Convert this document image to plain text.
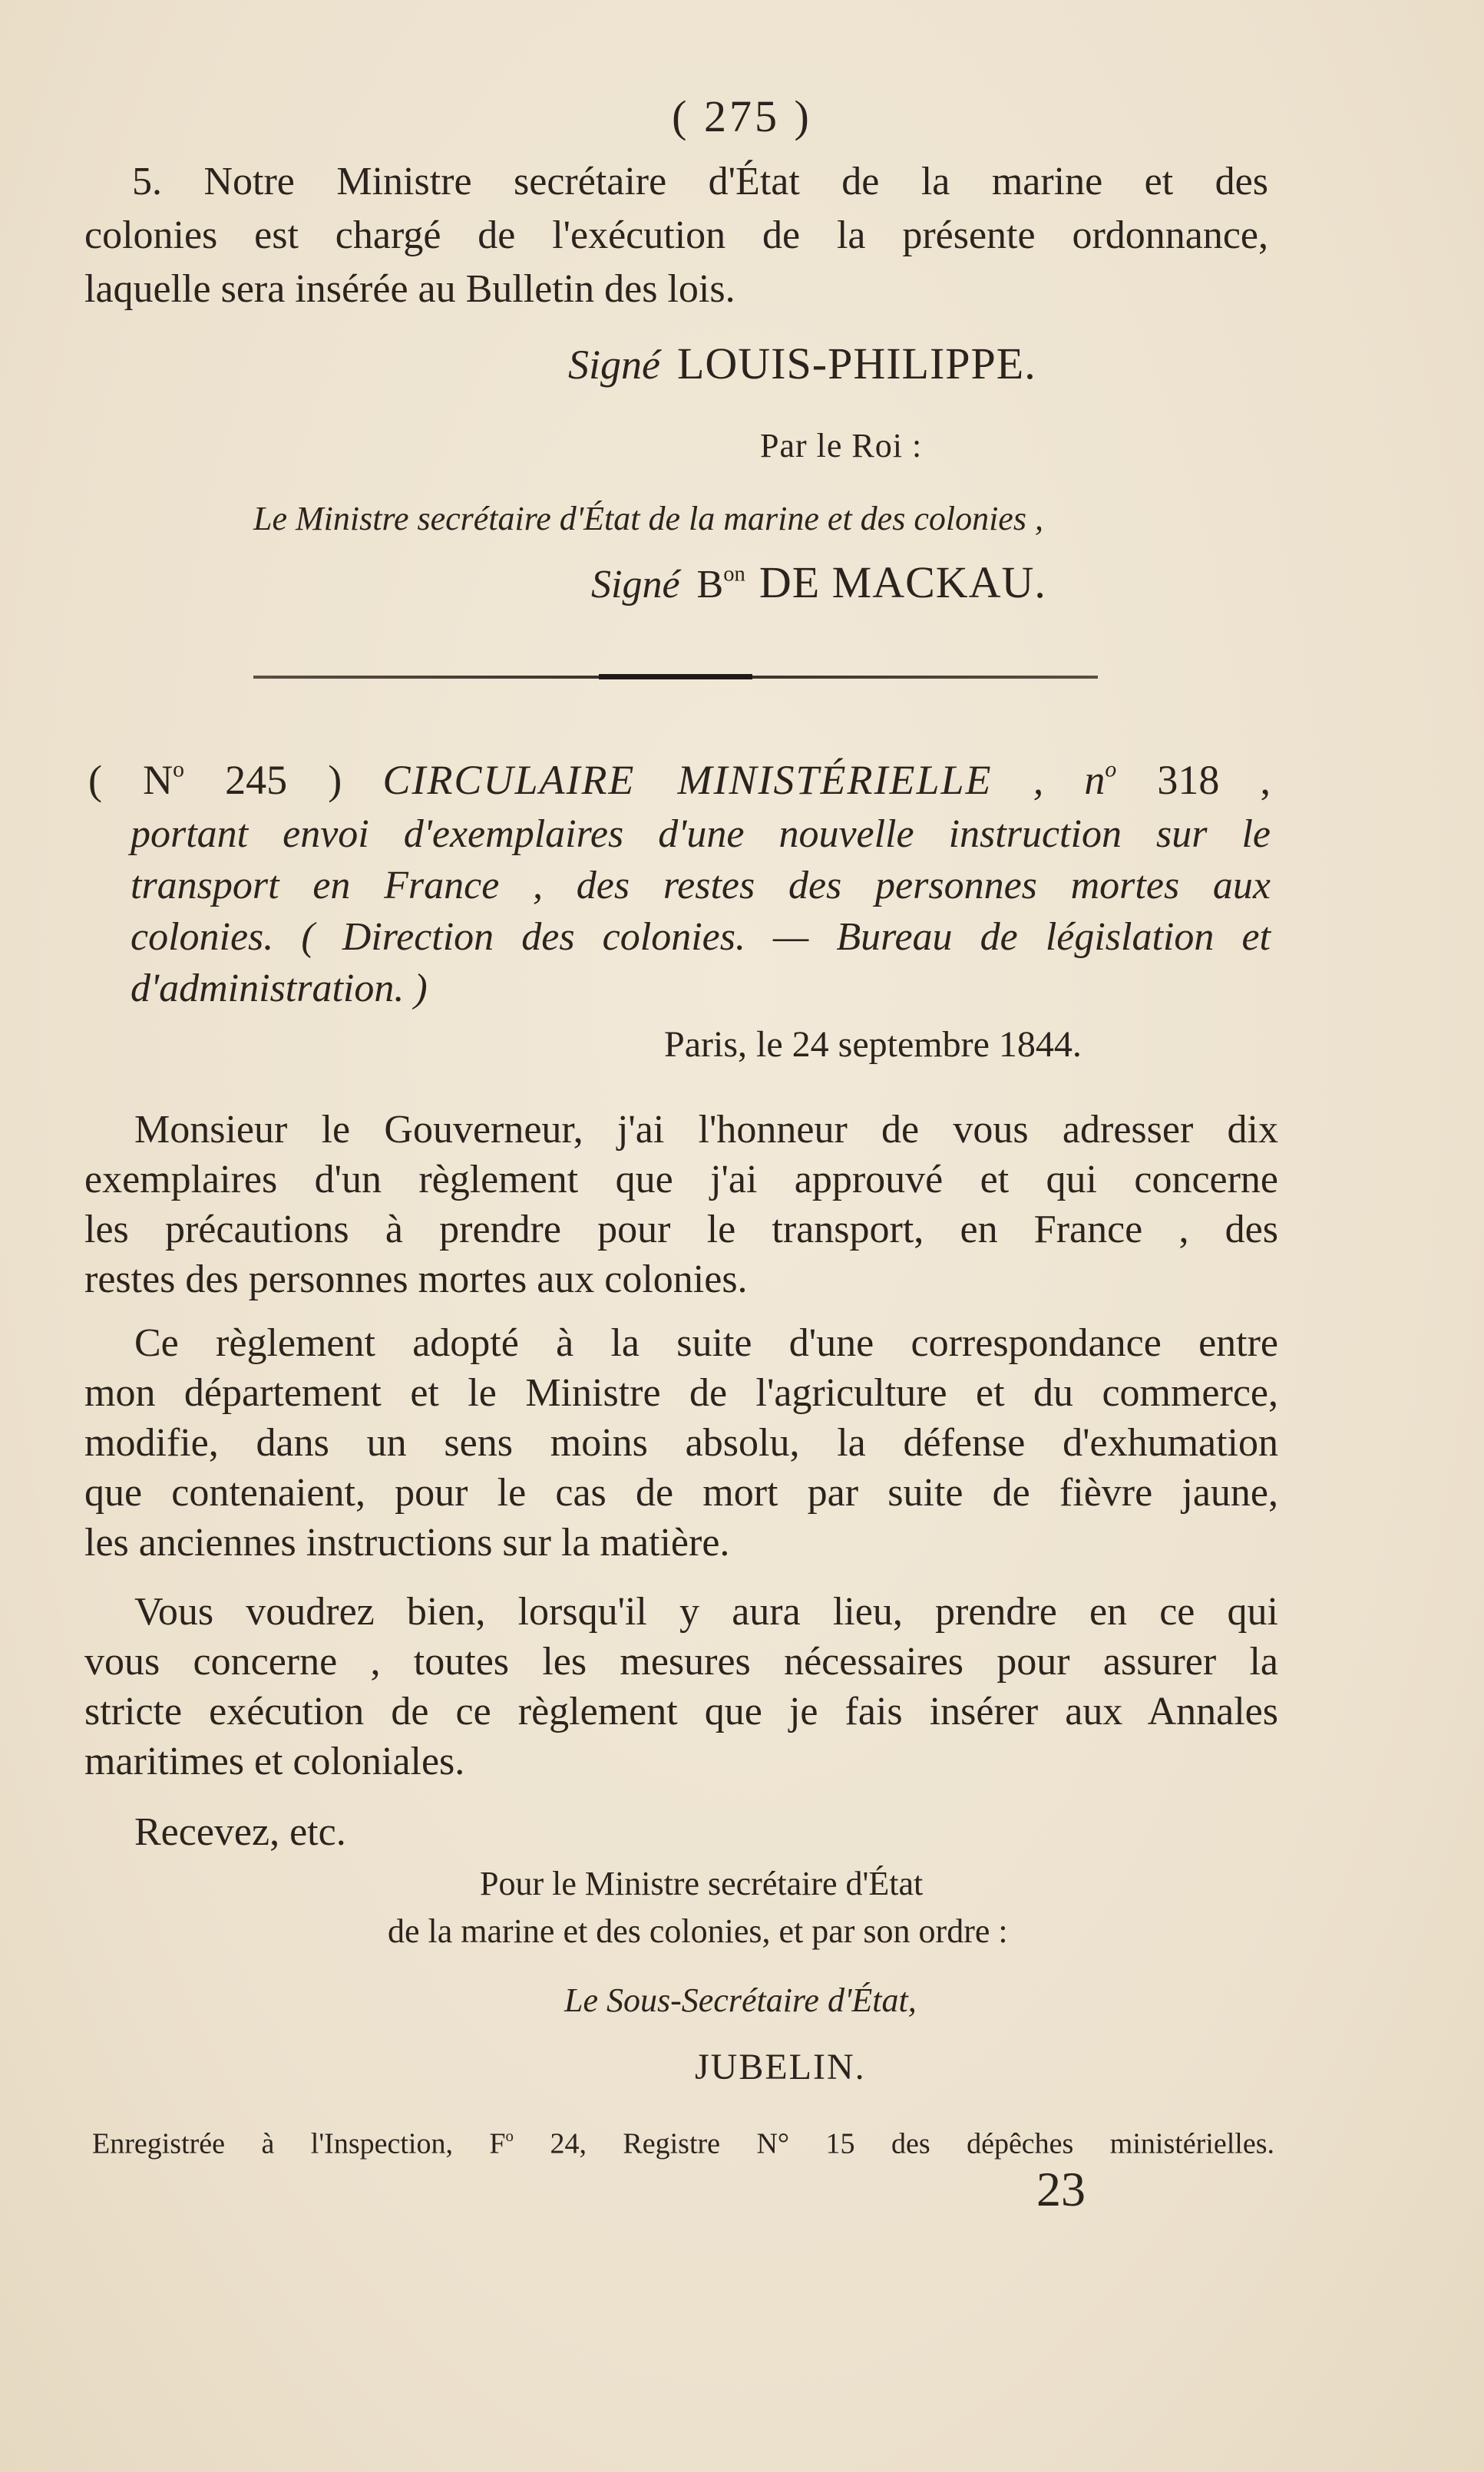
( 275 )
5. Notre Ministre secrétaire d'État de la marine et des
colonies est chargé de l'exécution de la présente ordonnance,
laquelle sera insérée au Bulletin des lois.
Signé LOUIS-PHILIPPE.
Par le Roi :
Le Ministre secrétaire d'État de la marine et des colonies ,
Signé $B^{on}$ DE MACKAU.
( $N^o$ 245 ) CIRCULAIRE MINISTÉRIELLE , $n^o$ 318 ,
portant envoi d'exemplaires d'une nouvelle instruction sur le
transport en France , des restes des personnes mortes aux
colonies. ( Direction des colonies. — Bureau de législation et
d'administration. )
Paris, le 24 septembre 1844.
Monsieur le Gouverneur, j'ai l'honneur de vous adresser dix
exemplaires d'un règlement que j'ai approuvé et qui concerne
les précautions à prendre pour le transport, en France , des
restes des personnes mortes aux colonies.
Ce règlement adopté à la suite d'une correspondance entre
mon département et le Ministre de l'agriculture et du commerce,
modifie, dans un sens moins absolu, la défense d'exhumation
que contenaient, pour le cas de mort par suite de fièvre jaune,
les anciennes instructions sur la matière.
Vous voudrez bien, lorsqu'il y aura lieu, prendre en ce qui
vous concerne , toutes les mesures nécessaires pour assurer la
stricte exécution de ce règlement que je fais insérer aux Annales
maritimes et coloniales.
Recevez, etc.
Pour le Ministre secrétaire d'État
de la marine et des colonies, et par son ordre :
Le Sous-Secrétaire d'État,
JUBELIN.
Enregistrée à l'Inspection, $F^o$ 24, Registre N° 15 des dépêches ministérielles.
23
